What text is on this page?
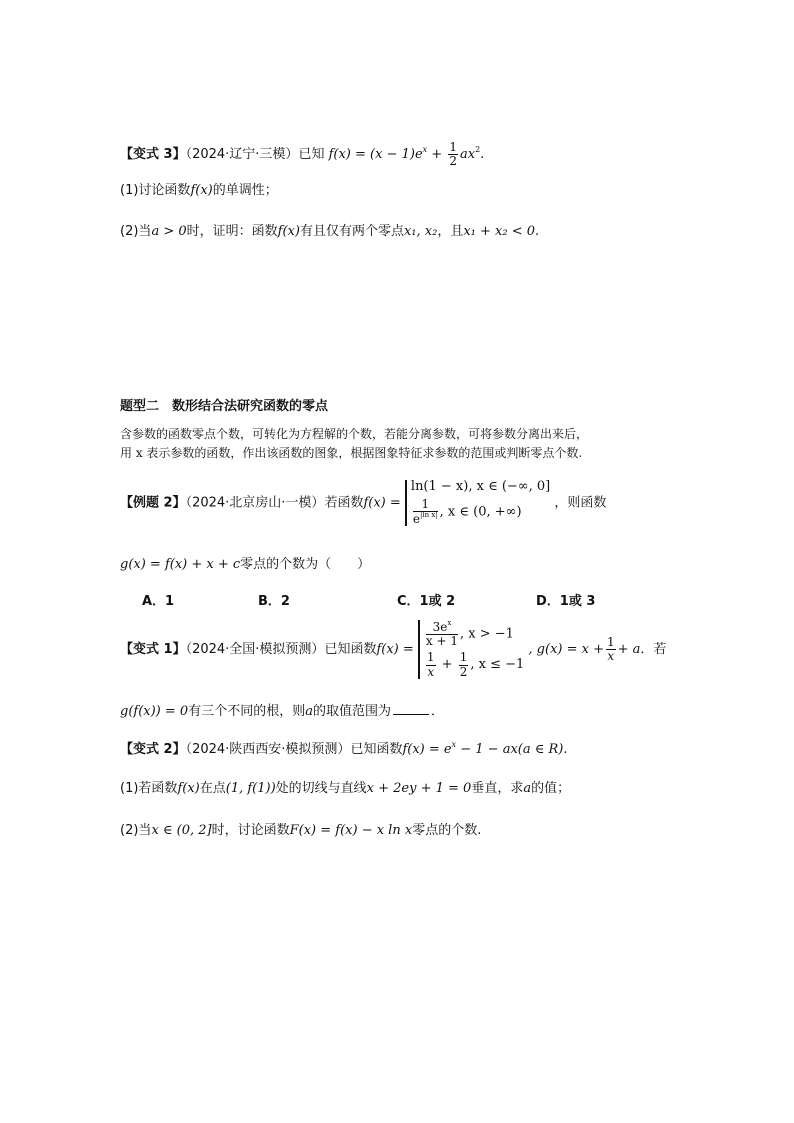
【变式 3】（2024·辽宁·三模）已知 $f(x) = (x - 1)e^x + \frac{1}{2} ax^2$.
(1)讨论函数f(x)的单调性；
(2)当a > 0时，证明：函数f(x)有且仅有两个零点x₁, x₂，且x₁ + x₂ < 0.
题型二　数形结合法研究函数的零点
含参数的函数零点个数，可转化为方程解的个数，若能分离参数，可将参数分离出来后，
用 x 表示参数的函数，作出该函数的图象，根据图象特征求参数的范围或判断零点个数.
【例题 2】（2024·北京房山·一模）若函数f(x) =
ln(1 − x), x ∈ (−∞, 0]
$\frac{1}{e^{|ln x|}}$ , x ∈ (0, +∞)
，则函数
g(x) = f(x) + x + c零点的个数为（　　）
A．1	B．2	C．1或 2	D．1或 3
【变式 1】（2024·全国·模拟预测）已知函数f(x) =
$\frac{3e^x}{x + 1}$ , x > −1
$\frac{1}{x} + \frac{1}{2}$ , x ≤ −1
, $g(x) = x + \frac{1}{x} + a$．若
g(f(x)) = 0有三个不同的根，则a的取值范围为	．
【变式 2】（2024·陕西西安·模拟预测）已知函数$f(x) = e^x - 1 - ax(a$ ∈ R).
(1)若函数f(x)在点(1, f(1))处的切线与直线x + 2ey + 1 = 0垂直，求a的值；
(2)当x ∈ (0, 2]时，讨论函数F(x) = f(x) − x ln x零点的个数.
